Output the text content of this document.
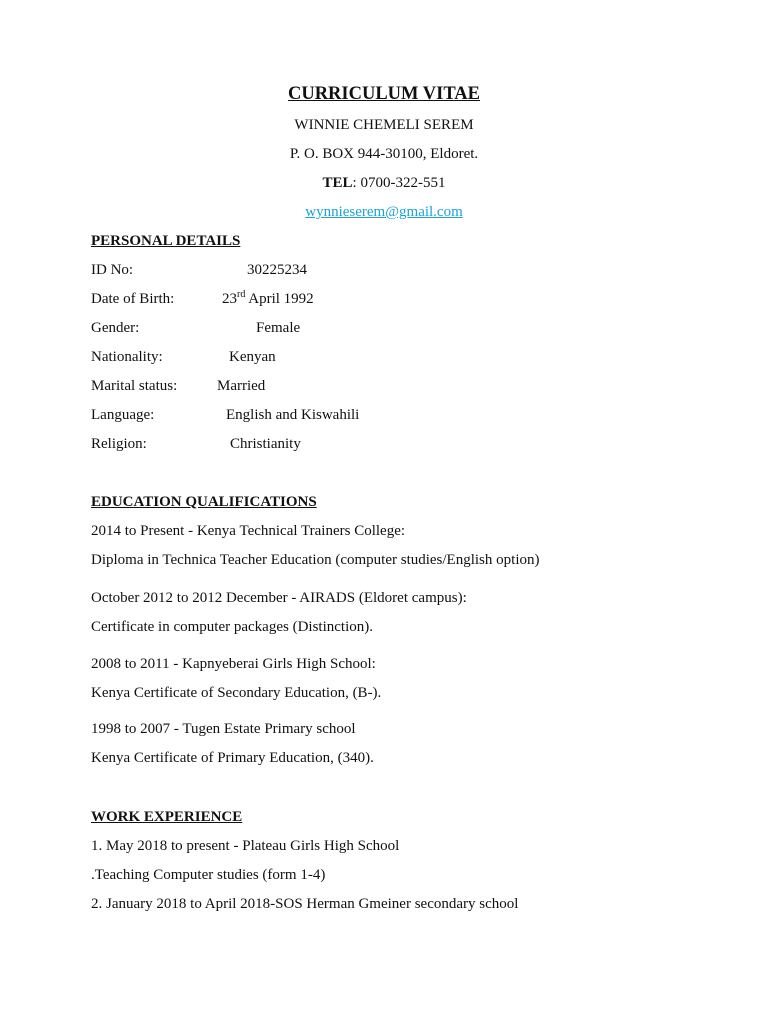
CURRICULUM VITAE
WINNIE CHEMELI SEREM
P. O. BOX 944-30100, Eldoret.
TEL: 0700-322-551
wynnieserem@gmail.com
PERSONAL DETAILS
ID No:	30225234
Date of Birth:	23rd April 1992
Gender:	Female
Nationality:	Kenyan
Marital status:	Married
Language:	English and Kiswahili
Religion:	Christianity
EDUCATION QUALIFICATIONS
2014 to Present - Kenya Technical Trainers College:
Diploma in Technica Teacher Education (computer studies/English option)
October 2012 to 2012 December - AIRADS (Eldoret campus):
Certificate in computer packages (Distinction).
2008 to 2011 - Kapnyeberai Girls High School:
Kenya Certificate of Secondary Education, (B-).
1998 to 2007 - Tugen Estate Primary school
Kenya Certificate of Primary Education, (340).
WORK EXPERIENCE
1. May 2018 to present - Plateau Girls High School
.Teaching Computer studies (form 1-4)
2. January 2018 to April 2018-SOS Herman Gmeiner secondary school
